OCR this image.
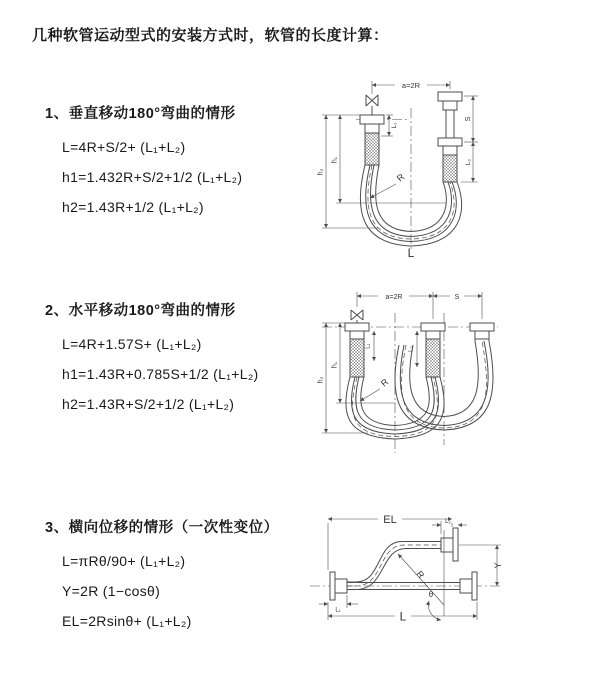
几种软管运动型式的安装方式时，软管的长度计算：
1、垂直移动180°弯曲的情形
L=4R+S/2+ (L₁+L₂)
h1=1.432R+S/2+1/2 (L₁+L₂)
h2=1.43R+1/2 (L₁+L₂)
2、水平移动180°弯曲的情形
L=4R+1.57S+ (L₁+L₂)
h1=1.43R+0.785S+1/2 (L₁+L₂)
h2=1.43R+S/2+1/2 (L₁+L₂)
3、横向位移的情形（一次性变位）
L=πRθ/90+ (L₁+L₂)
Y=2R (1−cosθ)
EL=2Rsinθ+ (L₁+L₂)
a=2R
S
L₂
L₁
h₁
h₂	R
L
a=2R	S
L₁
L₂
h₁
h₂	R
EL	L₂
R
θ
Y
L
L₁
